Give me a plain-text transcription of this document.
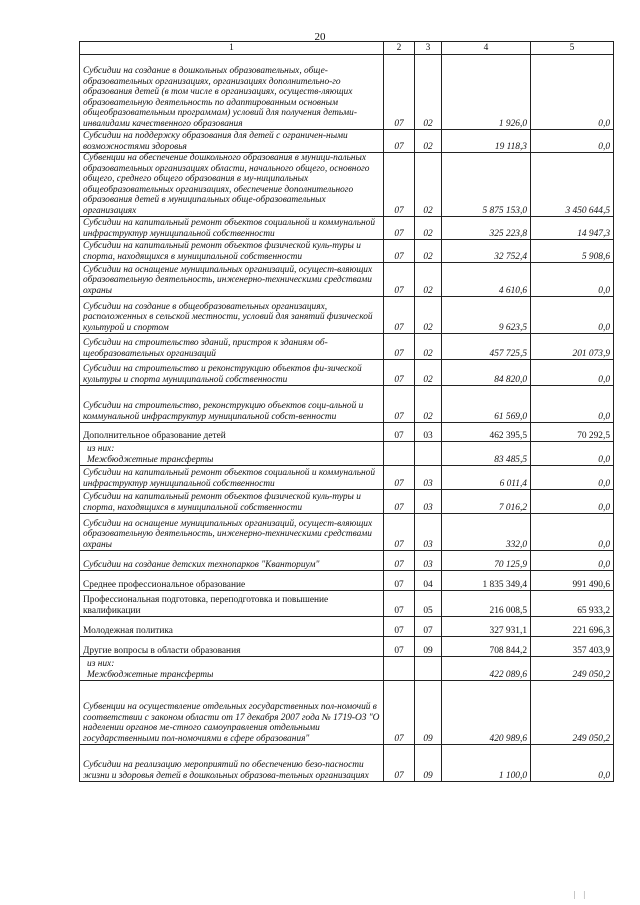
20
1	2	3	4	5
Субсидии на создание в дошкольных образовательных, обще-образовательных организациях, организациях дополнительно-го образования детей (в том числе в организациях, осуществ-ляющих образовательную деятельность по адаптированным основным общеобразовательным программам) условий для получения детьми-инвалидами качественного образования	07	02	1 926,0	0,0
Субсидии на поддержку образования для детей с ограничен-ными возможностями здоровья	07	02	19 118,3	0,0
Субвенции на обеспечение дошкольного образования в муници-пальных образовательных организациях области, начального общего, основного общего, среднего общего образования в му-ниципальных общеобразовательных организациях, обеспечение дополнительного образования детей в муниципальных обще-образовательных организациях	07	02	5 875 153,0	3 450 644,5
Субсидии на капитальный ремонт объектов социальной и коммунальной инфраструктур муниципальной собственности	07	02	325 223,8	14 947,3
Субсидии на капитальный ремонт объектов физической куль-туры и спорта, находящихся в муниципальной собственности	07	02	32 752,4	5 908,6
Субсидии на оснащение муниципальных организаций, осущест-вляющих образовательную деятельность, инженерно-техническими средствами охраны	07	02	4 610,6	0,0
Субсидии на создание в общеобразовательных организациях, расположенных в сельской местности, условий для занятий физической культурой и спортом	07	02	9 623,5	0,0
Субсидии на строительство зданий, пристроя к зданиям об-щеобразовательных организаций	07	02	457 725,5	201 073,9
Субсидии на строительство и реконструкцию объектов фи-зической культуры и спорта муниципальной собственности	07	02	84 820,0	0,0
Субсидии на строительство, реконструкцию объектов соци-альной и коммунальной инфраструктур муниципальной собст-венности	07	02	61 569,0	0,0
Дополнительное образование детей	07	03	462 395,5	70 292,5

из них:
Межбюджетные трансферты			83 485,5	0,0
Субсидии на капитальный ремонт объектов социальной и коммунальной инфраструктур муниципальной собственности	07	03	6 011,4	0,0
Субсидии на капитальный ремонт объектов физической куль-туры и спорта, находящихся в муниципальной собственности	07	03	7 016,2	0,0
Субсидии на оснащение муниципальных организаций, осущест-вляющих образовательную деятельность, инженерно-техническими средствами охраны	07	03	332,0	0,0
Субсидии на создание детских технопарков "Кванториум"	07	03	70 125,9	0,0
Среднее профессиональное образование	07	04	1 835 349,4	991 490,6
Профессиональная подготовка, переподготовка и повышение квалификации	07	05	216 008,5	65 933,2
Молодежная политика	07	07	327 931,1	221 696,3
Другие вопросы в области образования	07	09	708 844,2	357 403,9

из них:
Межбюджетные трансферты			422 089,6	249 050,2
Субвенции на осуществление отдельных государственных пол-номочий в соответствии с законом области от 17 декабря 2007 года № 1719-ОЗ "О наделении органов ме-стного самоуправления отдельными государственными пол-номочиями в сфере образования"	07	09	420 989,6	249 050,2
Субсидии на реализацию мероприятий по обеспечению безо-пасности жизни и здоровья детей в дошкольных образова-тельных организациях	07	09	1 100,0	0,0
| |
